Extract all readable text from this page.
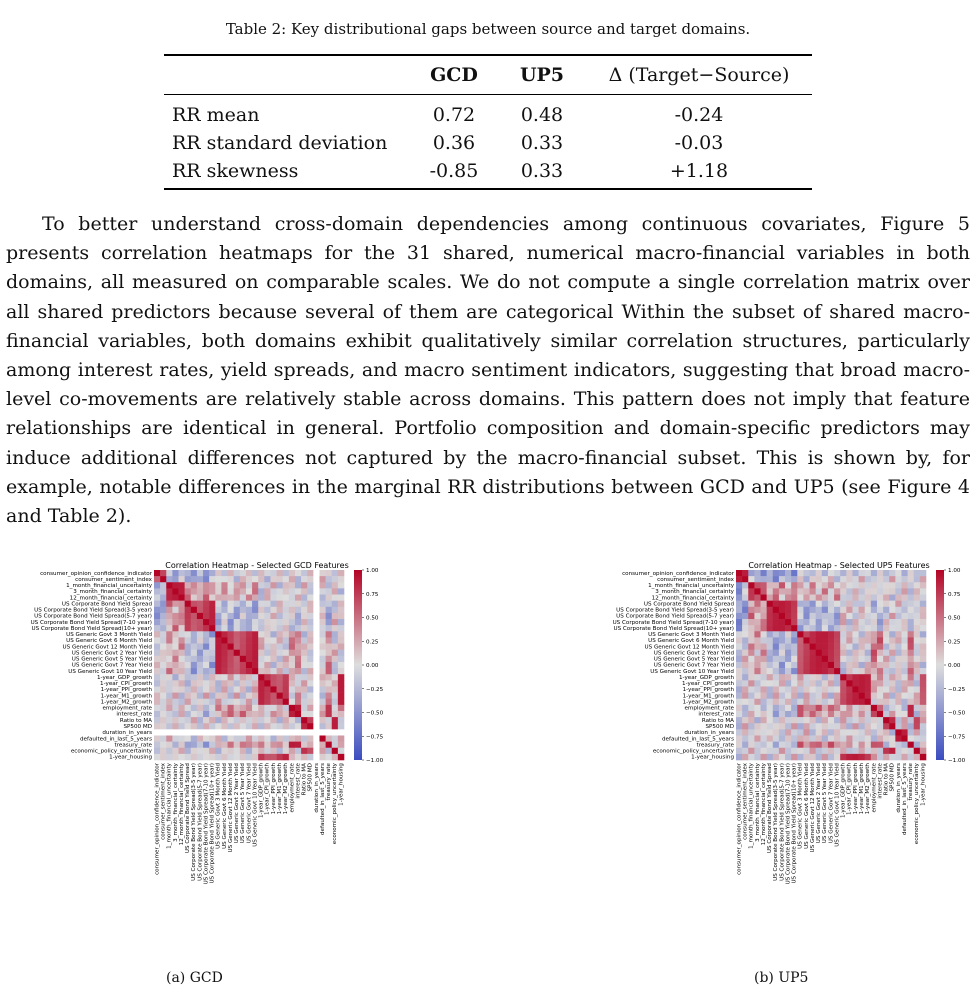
Table 2: Key distributional gaps between source and target domains.
	GCD	UP5	Δ (Target−Source)
RR mean	0.72	0.48	-0.24
RR standard deviation	0.36	0.33	-0.03
RR skewness	-0.85	0.33	+1.18

To better understand cross-domain dependencies among continuous covariates, Figure 5 presents correlation heatmaps for the 31 shared, numerical macro-financial variables in both domains, all measured on comparable scales. We do not compute a single correlation matrix over all shared predictors because several of them are categorical Within the subset of shared macro-financial variables, both domains exhibit qualitatively similar correlation structures, particularly among interest rates, yield spreads, and macro sentiment indicators, suggesting that broad macro-level co-movements are relatively stable across domains. This pattern does not imply that feature relationships are identical in general. Portfolio composition and domain-specific predictors may induce additional differences not captured by the macro-financial subset. This is shown by, for example, notable differences in the marginal RR distributions between GCD and UP5 (see Figure 4 and Table 2).

Correlation Heatmap - Selected GCD Features
consumer_opinion_confidence_indicator
consumer_sentiment_index
1_month_financial_uncertainty
3_month_financial_certainty
12_month_financial_certainty
US Corporate Bond Yield Spread
US Corporate Bond Yield Spread(3-5 year)
US Corporate Bond Yield Spread(5-7 year)
US Corporate Bond Yield Spread(7-10 year)
US Corporate Bond Yield Spread(10+ year)
US Generic Govt 3 Month Yield
US Generic Govt 6 Month Yield
US Generic Govt 12 Month Yield
US Generic Govt 2 Year Yield
US Generic Govt 5 Year Yield
US Generic Govt 7 Year Yield
US Generic Govt 10 Year Yield
1-year_GDP_growth
1-year_CPI_growth
1-year_PPI_growth
1-year_M1_growth
1-year_M2_growth
employment_rate
interest_rate
Ratio to MA
SP500 MD
duration_in_years
defaulted_in_last_5_years
treasury_rate
economic_policy_uncertainty
1-year_housing
consumer_opinion_confidence_indicator consumer_sentiment_index 1_month_financial_uncertainty 3_month_financial_certainty 12_month_financial_certainty US Corporate Bond Yield Spread US Corporate Bond Yield Spread(3-5 year) US Corporate Bond Yield Spread(5-7 year) US Corporate Bond Yield Spread(7-10 year) US Corporate Bond Yield Spread(10+ year) US Generic Govt 3 Month Yield US Generic Govt 6 Month Yield US Generic Govt 12 Month Yield US Generic Govt 2 Year Yield US Generic Govt 5 Year Yield US Generic Govt 7 Year Yield US Generic Govt 10 Year Yield 1-year_GDP_growth 1-year_CPI_growth 1-year_PPI_growth 1-year_M1_growth 1-year_M2_growth employment_rate interest_rate Ratio to MA SP500 MD duration_in_years defaulted_in_last_5_years treasury_rate economic_policy_uncertainty 1-year_housing
1.00
0.75
0.50
0.25
0.00
−0.25
−0.50
−0.75
−1.00
Correlation Heatmap - Selected UP5 Features
consumer_opinion_confidence_indicator
consumer_sentiment_index
1_month_financial_uncertainty
3_month_financial_certainty
12_month_financial_certainty
US Corporate Bond Yield Spread
US Corporate Bond Yield Spread(3-5 year)
US Corporate Bond Yield Spread(5-7 year)
US Corporate Bond Yield Spread(7-10 year)
US Corporate Bond Yield Spread(10+ year)
US Generic Govt 3 Month Yield
US Generic Govt 6 Month Yield
US Generic Govt 12 Month Yield
US Generic Govt 2 Year Yield
US Generic Govt 5 Year Yield
US Generic Govt 7 Year Yield
US Generic Govt 10 Year Yield
1-year_GDP_growth
1-year_CPI_growth
1-year_PPI_growth
1-year_M1_growth
1-year_M2_growth
employment_rate
interest_rate
Ratio to MA
SP500 MD
duration_in_years
defaulted_in_last_5_years
treasury_rate
economic_policy_uncertainty
1-year_housing
consumer_opinion_confidence_indicator consumer_sentiment_index 1_month_financial_uncertainty 3_month_financial_certainty 12_month_financial_certainty US Corporate Bond Yield Spread US Corporate Bond Yield Spread(3-5 year) US Corporate Bond Yield Spread(5-7 year) US Corporate Bond Yield Spread(7-10 year) US Corporate Bond Yield Spread(10+ year) US Generic Govt 3 Month Yield US Generic Govt 6 Month Yield US Generic Govt 12 Month Yield US Generic Govt 2 Year Yield US Generic Govt 5 Year Yield US Generic Govt 7 Year Yield US Generic Govt 10 Year Yield 1-year_GDP_growth 1-year_CPI_growth 1-year_PPI_growth 1-year_M1_growth 1-year_M2_growth employment_rate interest_rate Ratio to MA SP500 MD duration_in_years defaulted_in_last_5_years treasury_rate economic_policy_uncertainty 1-year_housing
1.00
0.75
0.50
0.25
0.00
−0.25
−0.50
−0.75
−1.00
(a) GCD	(b) UP5
